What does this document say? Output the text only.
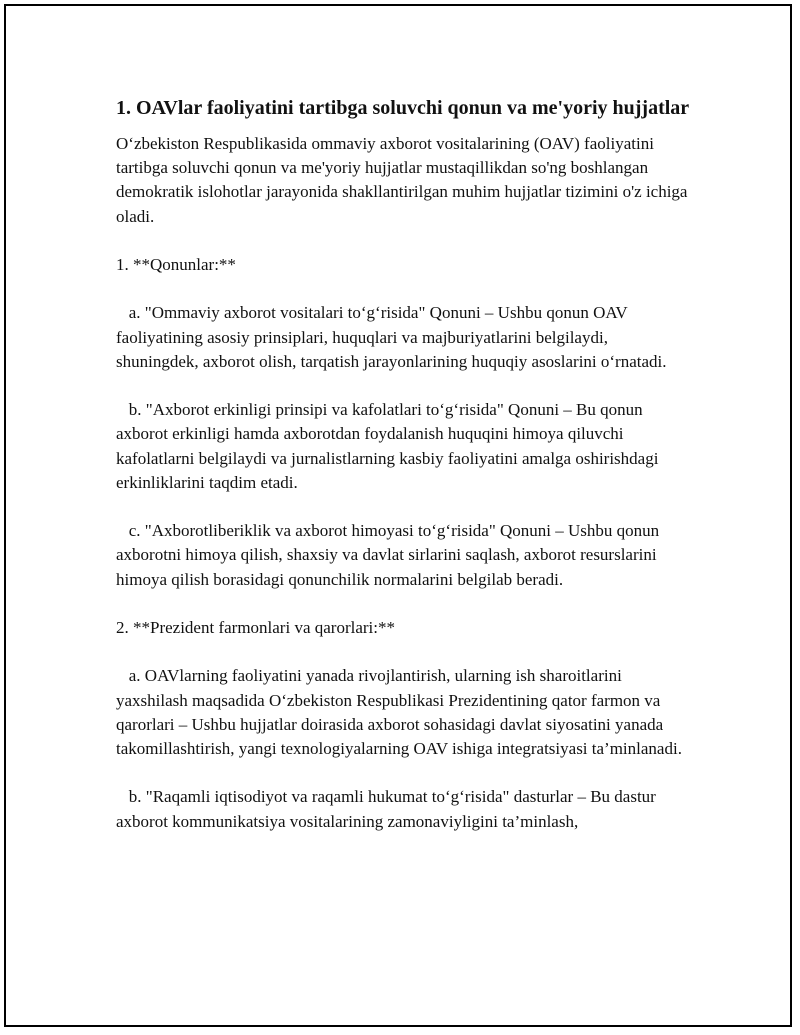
1. OAVlar faoliyatini tartibga soluvchi qonun va me'yoriy hujjatlar

O‘zbekiston Respublikasida ommaviy axborot vositalarining (OAV) faoliyatini tartibga soluvchi qonun va me'yoriy hujjatlar mustaqillikdan so'ng boshlangan demokratik islohotlar jarayonida shakllantirilgan muhim hujjatlar tizimini o'z ichiga oladi.

1. **Qonunlar:**

a. "Ommaviy axborot vositalari to‘g‘risida" Qonuni – Ushbu qonun OAV faoliyatining asosiy prinsiplari, huquqlari va majburiyatlarini belgilaydi, shuningdek, axborot olish, tarqatish jarayonlarining huquqiy asoslarini o‘rnatadi.

b. "Axborot erkinligi prinsipi va kafolatlari to‘g‘risida" Qonuni – Bu qonun axborot erkinligi hamda axborotdan foydalanish huquqini himoya qiluvchi kafolatlarni belgilaydi va jurnalistlarning kasbiy faoliyatini amalga oshirishdagi erkinliklarini taqdim etadi.

c. "Axborotliberiklik va axborot himoyasi to‘g‘risida" Qonuni – Ushbu qonun axborotni himoya qilish, shaxsiy va davlat sirlarini saqlash, axborot resurslarini himoya qilish borasidagi qonunchilik normalarini belgilab beradi.

2. **Prezident farmonlari va qarorlari:**

a. OAVlarning faoliyatini yanada rivojlantirish, ularning ish sharoitlarini yaxshilash maqsadida O‘zbekiston Respublikasi Prezidentining qator farmon va qarorlari – Ushbu hujjatlar doirasida axborot sohasidagi davlat siyosatini yanada takomillashtirish, yangi texnologiyalarning OAV ishiga integratsiyasi ta’minlanadi.

b. "Raqamli iqtisodiyot va raqamli hukumat to‘g‘risida" dasturlar – Bu dastur axborot kommunikatsiya vositalarining zamonaviyligini ta’minlash,
